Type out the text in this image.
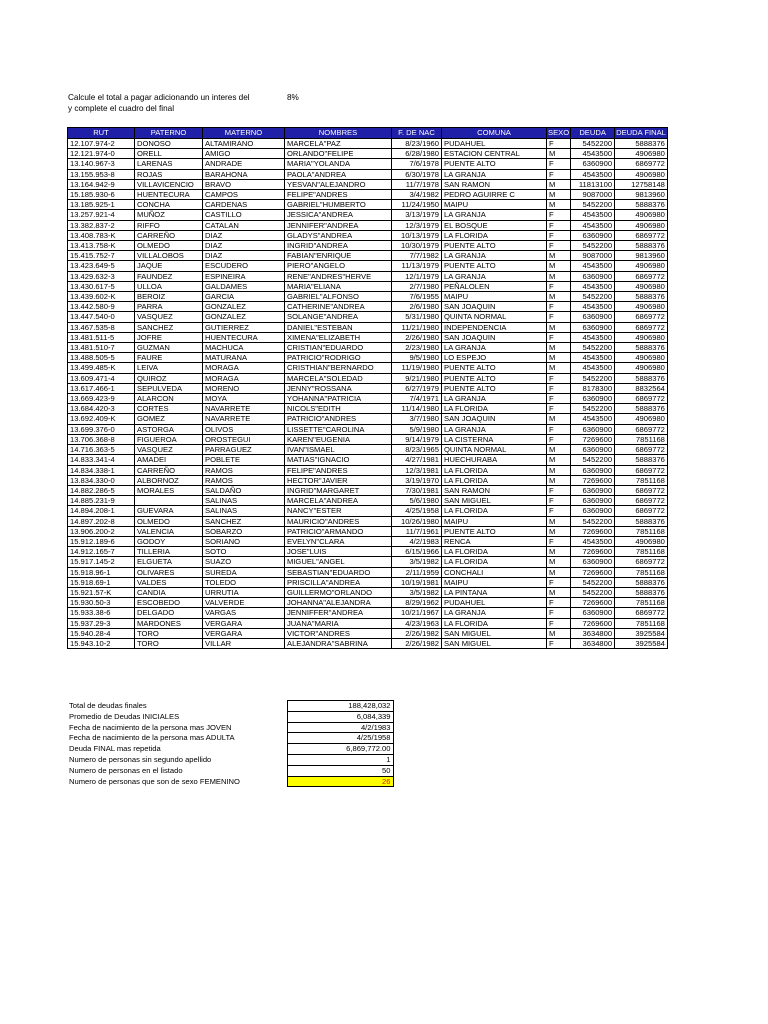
Calcule el total a pagar adicionando un interes del
y complete el cuadro del final
8%
RUT	PATERNO	MATERNO	NOMBRES	F. DE NAC	COMUNA	SEXO	DEUDA	DEUDA FINAL
12.107.974-2	DONOSO	ALTAMIRANO	MARCELA"PAZ	8/23/1960	PUDAHUEL	F	5452200	5888376
12.121.974-0	ORELL	AMIGO	ORLANDO"FELIPE	6/28/1980	ESTACION CENTRAL	M	4543500	4906980
13.140.967-3	LARENAS	ANDRADE	MARIA"YOLANDA	7/6/1978	PUENTE ALTO	F	6360900	6869772
13.155.953-8	ROJAS	BARAHONA	PAOLA"ANDREA	6/30/1978	LA GRANJA	F	4543500	4906980
13.164.942-9	VILLAVICENCIO	BRAVO	YESVAN"ALEJANDRO	11/7/1978	SAN RAMON	M	11813100	12758148
15.185.930-6	HUENTECURA	CAMPOS	FELIPE"ANDRES	3/4/1982	PEDRO AGUIRRE C	M	9087000	9813960
13.185.925-1	CONCHA	CARDENAS	GABRIEL"HUMBERTO	11/24/1950	MAIPU	M	5452200	5888376
13.257.921-4	MUÑOZ	CASTILLO	JESSICA"ANDREA	3/13/1979	LA GRANJA	F	4543500	4906980
13.382.837-2	RIFFO	CATALAN	JENNIFER"ANDREA	12/3/1979	EL BOSQUE	F	4543500	4906980
13.408.783-K	CARREÑO	DIAZ	GLADYS"ANDREA	10/13/1979	LA FLORIDA	F	6360900	6869772
13.413.758-K	OLMEDO	DIAZ	INGRID"ANDREA	10/30/1979	PUENTE ALTO	F	5452200	5888376
15.415.752-7	VILLALOBOS	DIAZ	FABIAN"ENRIQUE	7/7/1982	LA GRANJA	M	9087000	9813960
13.423.649-5	JAQUE	ESCUDERO	PIERO"ANGELO	11/13/1979	PUENTE ALTO	M	4543500	4906980
13.429.632-3	FAUNDEZ	ESPINEIRA	RENE"ANDRES"HERVE	12/1/1979	LA GRANJA	M	6360900	6869772
13.430.617-5	ULLOA	GALDAMES	MARIA"ELIANA	2/7/1980	PEÑALOLEN	F	4543500	4906980
13.439.602-K	BEROIZ	GARCIA	GABRIEL"ALFONSO	7/6/1955	MAIPU	M	5452200	5888376
13.442.580-9	PARRA	GONZALEZ	CATHERINE"ANDREA	2/6/1980	SAN JOAQUIN	F	4543500	4906980
13.447.540-0	VASQUEZ	GONZALEZ	SOLANGE"ANDREA	5/31/1980	QUINTA NORMAL	F	6360900	6869772
13.467.535-8	SANCHEZ	GUTIERREZ	DANIEL"ESTEBAN	11/21/1980	INDEPENDENCIA	M	6360900	6869772
13.481.511-5	JOFRE	HUENTECURA	XIMENA"ELIZABETH	2/26/1980	SAN JOAQUIN	F	4543500	4906980
13.481.510-7	GUZMAN	MACHUCA	CRISTIAN"EDUARDO	2/23/1980	LA GRANJA	M	5452200	5888376
13.488.505-5	FAURE	MATURANA	PATRICIO"RODRIGO	9/5/1980	LO ESPEJO	M	4543500	4906980
13.499.485-K	LEIVA	MORAGA	CRISTHIAN"BERNARDO	11/19/1980	PUENTE ALTO	M	4543500	4906980
13.609.471-4	QUIROZ	MORAGA	MARCELA"SOLEDAD	9/21/1980	PUENTE ALTO	F	5452200	5888376
13.617.466-1	SEPULVEDA	MORENO	JENNY"ROSSANA	6/27/1979	PUENTE ALTO	F	8178300	8832564
13.669.423-9	ALARCON	MOYA	YOHANNA"PATRICIA	7/4/1971	LA GRANJA	F	6360900	6869772
13.684.420-3	CORTES	NAVARRETE	NICOLS"EDITH	11/14/1980	LA FLORIDA	F	5452200	5888376
13.692.409-K	GOMEZ	NAVARRETE	PATRICIO"ANDRES	3/7/1980	SAN JOAQUIN	M	4543500	4906980
13.699.376-0	ASTORGA	OLIVOS	LISSETTE"CAROLINA	5/9/1980	LA GRANJA	F	6360900	6869772
13.706.368-8	FIGUEROA	OROSTEGUI	KAREN"EUGENIA	9/14/1979	LA CISTERNA	F	7269600	7851168
14.716.363-5	VASQUEZ	PARRAGUEZ	IVAN"ISMAEL	8/23/1965	QUINTA NORMAL	M	6360900	6869772
14.833.341-4	AMADEI	POBLETE	MATIAS"IGNACIO	4/27/1981	HUECHURABA	M	5452200	5888376
14.834.338-1	CARREÑO	RAMOS	FELIPE"ANDRES	12/3/1981	LA FLORIDA	M	6360900	6869772
13.834.330-0	ALBORNOZ	RAMOS	HECTOR"JAVIER	3/19/1970	LA FLORIDA	M	7269600	7851168
14.882.286-5	MORALES	SALDAÑO	INGRID"MARGARET	7/30/1981	SAN RAMON	F	6360900	6869772
14.885.231-9		SALINAS	MARCELA"ANDREA	5/6/1980	SAN MIGUEL	F	6360900	6869772
14.894.208-1	GUEVARA	SALINAS	NANCY"ESTER	4/25/1958	LA FLORIDA	F	6360900	6869772
14.897.202-8	OLMEDO	SANCHEZ	MAURICIO"ANDRES	10/26/1980	MAIPU	M	5452200	5888376
13.906.200-2	VALENCIA	SOBARZO	PATRICIO"ARMANDO	11/7/1961	PUENTE ALTO	M	7269600	7851168
15.912.189-6	GODOY	SORIANO	EVELYN"CLARA	4/2/1983	RENCA	F	4543500	4906980
14.912.165-7	TILLERIA	SOTO	JOSE"LUIS	6/15/1966	LA FLORIDA	M	7269600	7851168
15.917.145-2	ELGUETA	SUAZO	MIGUEL"ANGEL	3/5/1982	LA FLORIDA	M	6360900	6869772
15.918.96-1	OLIVARES	SUREDA	SEBASTIAN"EDUARDO	2/11/1959	CONCHALI	M	7269600	7851168
15.918.69-1	VALDES	TOLEDO	PRISCILLA"ANDREA	10/19/1981	MAIPU	F	5452200	5888376
15.921.57-K	CANDIA	URRUTIA	GUILLERMO"ORLANDO	3/5/1982	LA PINTANA	M	5452200	5888376
15.930.50-3	ESCOBEDO	VALVERDE	JOHANNA"ALEJANDRA	8/29/1962	PUDAHUEL	F	7269600	7851168
15.933.38-6	DELGADO	VARGAS	JENNIFFER"ANDREA	10/21/1967	LA GRANJA	F	6360900	6869772
15.937.29-3	MARDONES	VERGARA	JUANA"MARIA	4/23/1963	LA FLORIDA	F	7269600	7851168
15.940.28-4	TORO	VERGARA	VICTOR"ANDRES	2/26/1982	SAN MIGUEL	M	3634800	3925584
15.943.10-2	TORO	VILLAR	ALEJANDRA"SABRINA	2/26/1982	SAN MIGUEL	F	3634800	3925584
Total de deudas finales	188,428,032
Promedio de Deudas INICIALES	6,084,339
Fecha de nacimiento de la persona mas JOVEN	4/2/1983
Fecha de nacimiento de la persona mas ADULTA	4/25/1958
Deuda FINAL mas repetida	6,869,772.00
Numero de personas sin segundo apellido	1
Numero de personas en el listado	50
Numero de personas que son de sexo FEMENINO	26
